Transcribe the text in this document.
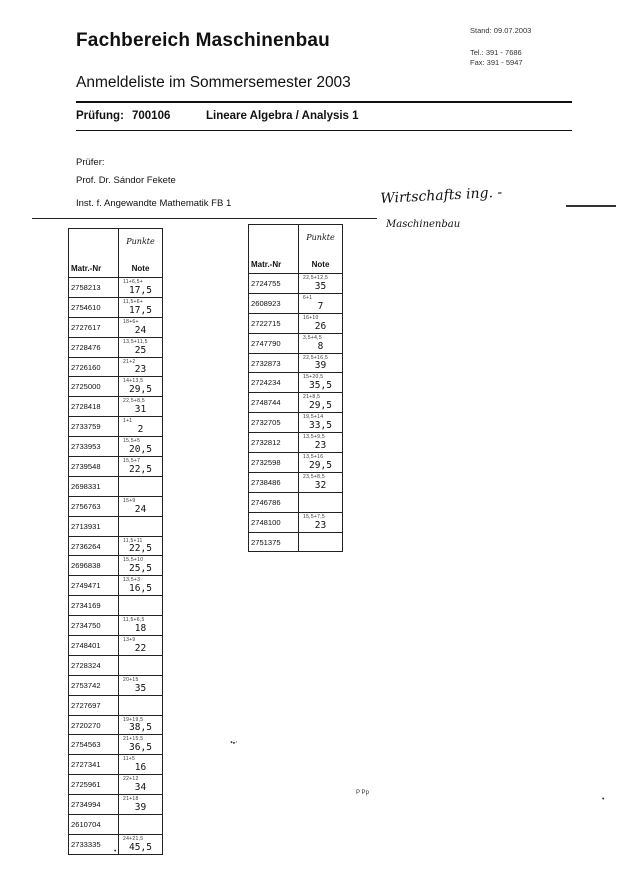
Fachbereich Maschinenbau	Stand: 09.07.2003
Tel.: 391 - 7686
Fax: 391 - 5947
Anmeldeliste im Sommersemester 2003
Prüfung: 700106	Lineare Algebra / Analysis 1
Prüfer:
Prof. Dr. Sándor Fekete
Inst. f. Angewandte Mathematik FB 1	Wirtschafts ing. -
Maschinenbau
Matr.-Nr	Punkte
Note
2758213	11+6,5+
17,5

2754610	11,5+6+
17,5

2727617	18+6+
24

2728476	13,5+11,5
25

2726160	21+2
23

2725000	14+13,5
29,5

2728418	22,5+8,5
31

2733759	1+1
2

2733953	15,5+5
20,5

2739548	15,5+7
22,5

2698331	

2756763	15+9
24

2713931	

2736264	11,5+11
22,5

2696838	15,5+10
25,5

2749471	13,5+3
16,5

2734169	

2734750	11,5+6,5
18

2748401	13+9
22

2728324	

2753742	20+15
35

2727697	

2720270	19+19,5
38,5

2754563	21+15,5
36,5

2727341	11+5
16

2725961	22+12
34

2734994	21+18
39

2610704	

2733335	24+21,5
45,5
Matr.-Nr	Punkte
Note
2724755	22,5+12,5
35

2608923	6+1
7

2722715	16+10
26

2747790	3,5+4,5
8

2732873	22,5+16,5
39

2724234	15+20,5
35,5

2748744	21+8,5
29,5

2732705	19,5+14
33,5

2732812	13,5+9,5
23

2732598	13,5+16
29,5

2738486	23,5+8,5
32

2746786	

2748100	15,5+7,5
23

2751375	
••'
P Pp
•
•
